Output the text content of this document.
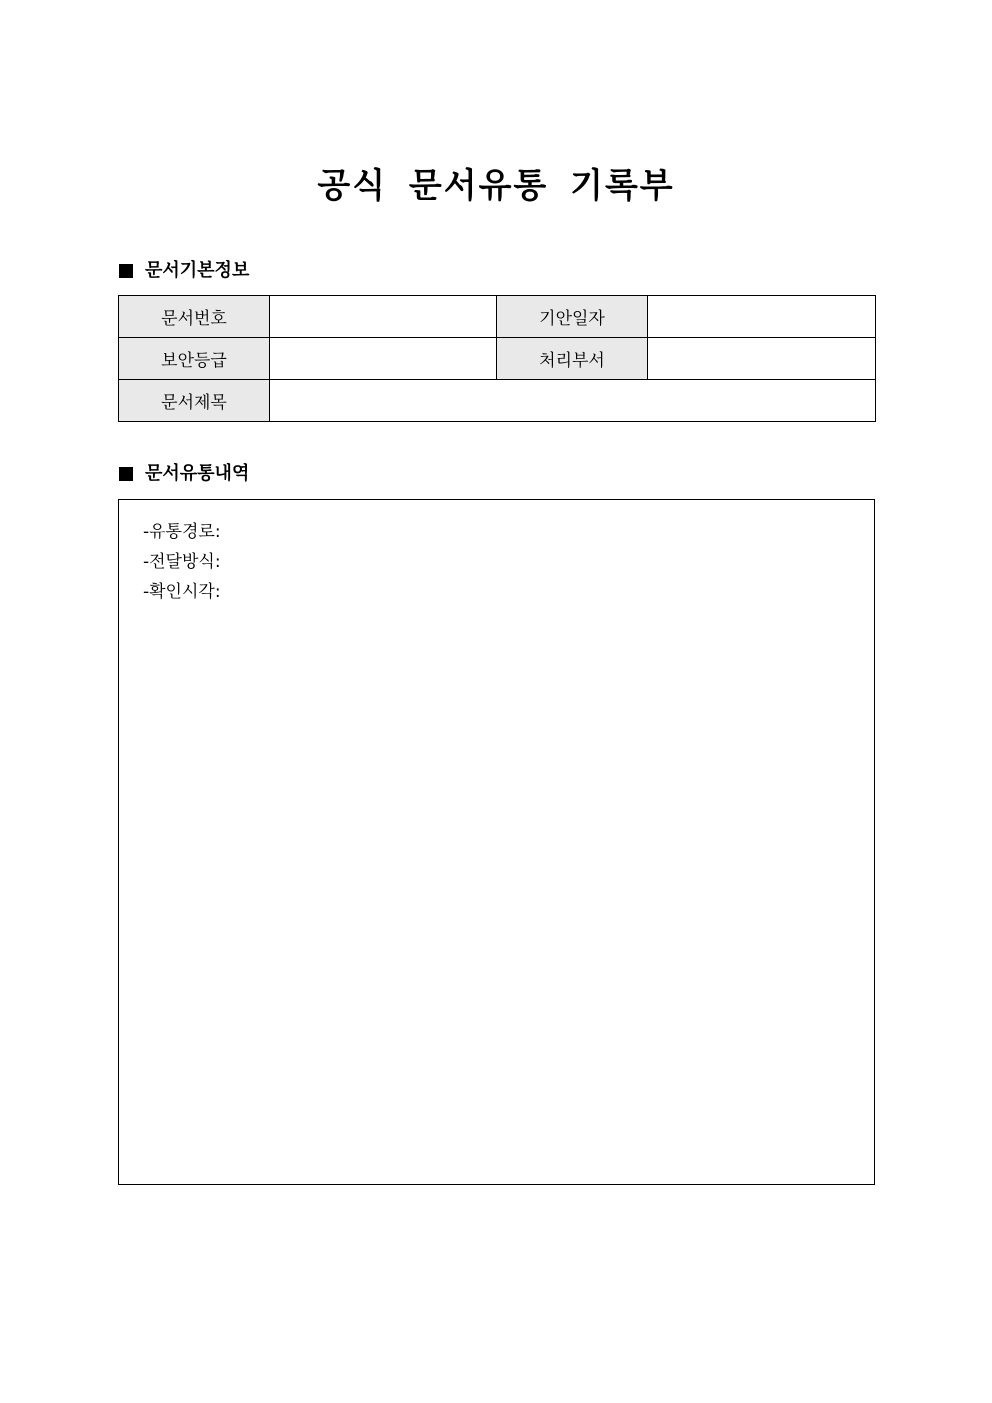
공식 문서유통 기록부
문서기본정보
문서번호		기안일자	
보안등급		처리부서	
문서제목			
문서유통내역
-유통경로:
-전달방식:
-확인시각:
